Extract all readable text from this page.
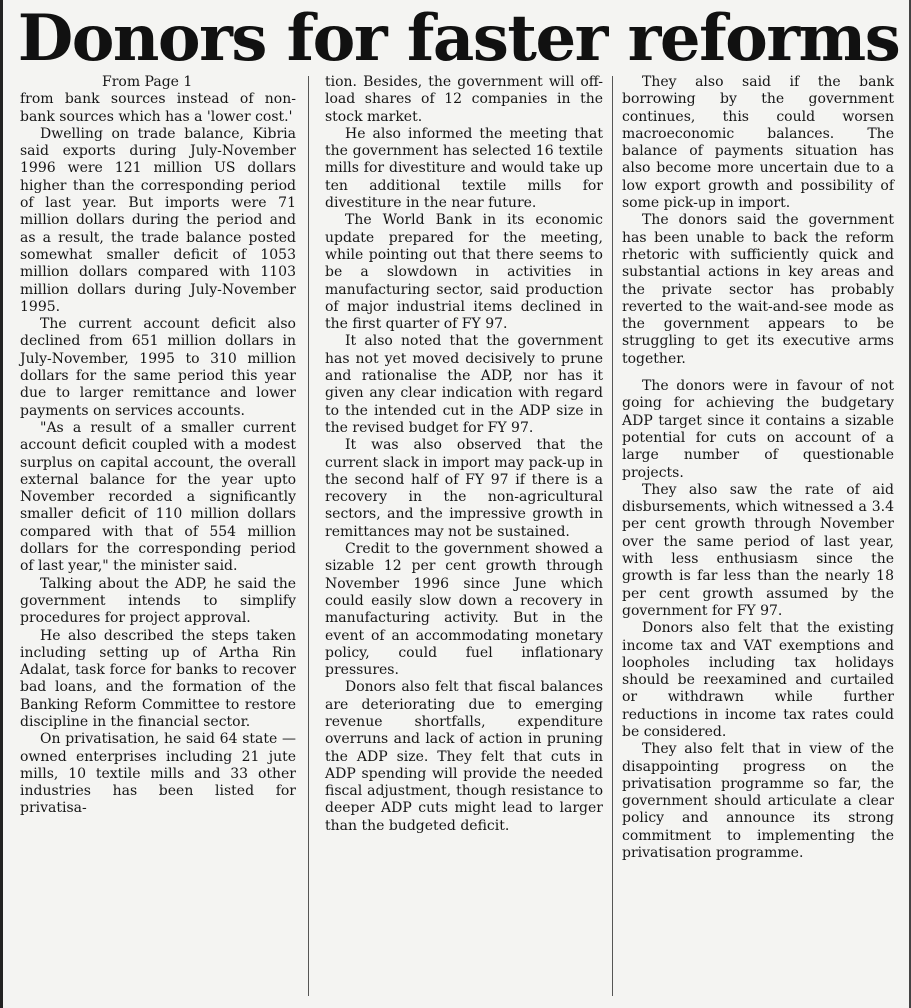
Donors for faster reforms
From Page 1

from bank sources instead of non-bank sources which has a 'lower cost.'

Dwelling on trade balance, Kibria said exports during July-November 1996 were 121 million US dollars higher than the corresponding period of last year. But imports were 71 million dollars during the period and as a result, the trade balance posted somewhat smaller deficit of 1053 million dollars compared with 1103 million dollars during July-November 1995.

The current account deficit also declined from 651 million dollars in July-November, 1995 to 310 million dollars for the same period this year due to larger remittance and lower payments on services accounts.

"As a result of a smaller current account deficit coupled with a modest surplus on capital account, the overall external balance for the year upto November recorded a significantly smaller deficit of 110 million dollars compared with that of 554 million dollars for the corresponding period of last year," the minister said.

Talking about the ADP, he said the government intends to simplify procedures for project approval.

He also described the steps taken including setting up of Artha Rin Adalat, task force for banks to recover bad loans, and the formation of the Banking Reform Committee to restore discipline in the financial sector.

On privatisation, he said 64 state — owned enterprises including 21 jute mills, 10 textile mills and 33 other industries has been listed for privatisa-

tion. Besides, the government will off-load shares of 12 companies in the stock market.

He also informed the meeting that the government has selected 16 textile mills for divestiture and would take up ten additional textile mills for divestiture in the near future.

The World Bank in its economic update prepared for the meeting, while pointing out that there seems to be a slowdown in activities in manufacturing sector, said production of major industrial items declined in the first quarter of FY 97.

It also noted that the government has not yet moved decisively to prune and rationalise the ADP, nor has it given any clear indication with regard to the intended cut in the ADP size in the revised budget for FY 97.

It was also observed that the current slack in import may pack-up in the second half of FY 97 if there is a recovery in the non-agricultural sectors, and the impressive growth in remittances may not be sustained.

Credit to the government showed a sizable 12 per cent growth through November 1996 since June which could easily slow down a recovery in manufacturing activity. But in the event of an accommodating monetary policy, could fuel inflationary pressures.

Donors also felt that fiscal balances are deteriorating due to emerging revenue shortfalls, expenditure overruns and lack of action in pruning the ADP size. They felt that cuts in ADP spending will provide the needed fiscal adjustment, though resistance to deeper ADP cuts might lead to larger than the budgeted deficit.

They also said if the bank borrowing by the government continues, this could worsen macroeconomic balances. The balance of payments situation has also become more uncertain due to a low export growth and possibility of some pick-up in import.

The donors said the government has been unable to back the reform rhetoric with sufficiently quick and substantial actions in key areas and the private sector has probably reverted to the wait-and-see mode as the government appears to be struggling to get its executive arms together.

The donors were in favour of not going for achieving the budgetary ADP target since it contains a sizable potential for cuts on account of a large number of questionable projects.

They also saw the rate of aid disbursements, which witnessed a 3.4 per cent growth through November over the same period of last year, with less enthusiasm since the growth is far less than the nearly 18 per cent growth assumed by the government for FY 97.

Donors also felt that the existing income tax and VAT exemptions and loopholes including tax holidays should be reexamined and curtailed or withdrawn while further reductions in income tax rates could be considered.

They also felt that in view of the disappointing progress on the privatisation programme so far, the government should articulate a clear policy and announce its strong commitment to implementing the privatisation programme.
